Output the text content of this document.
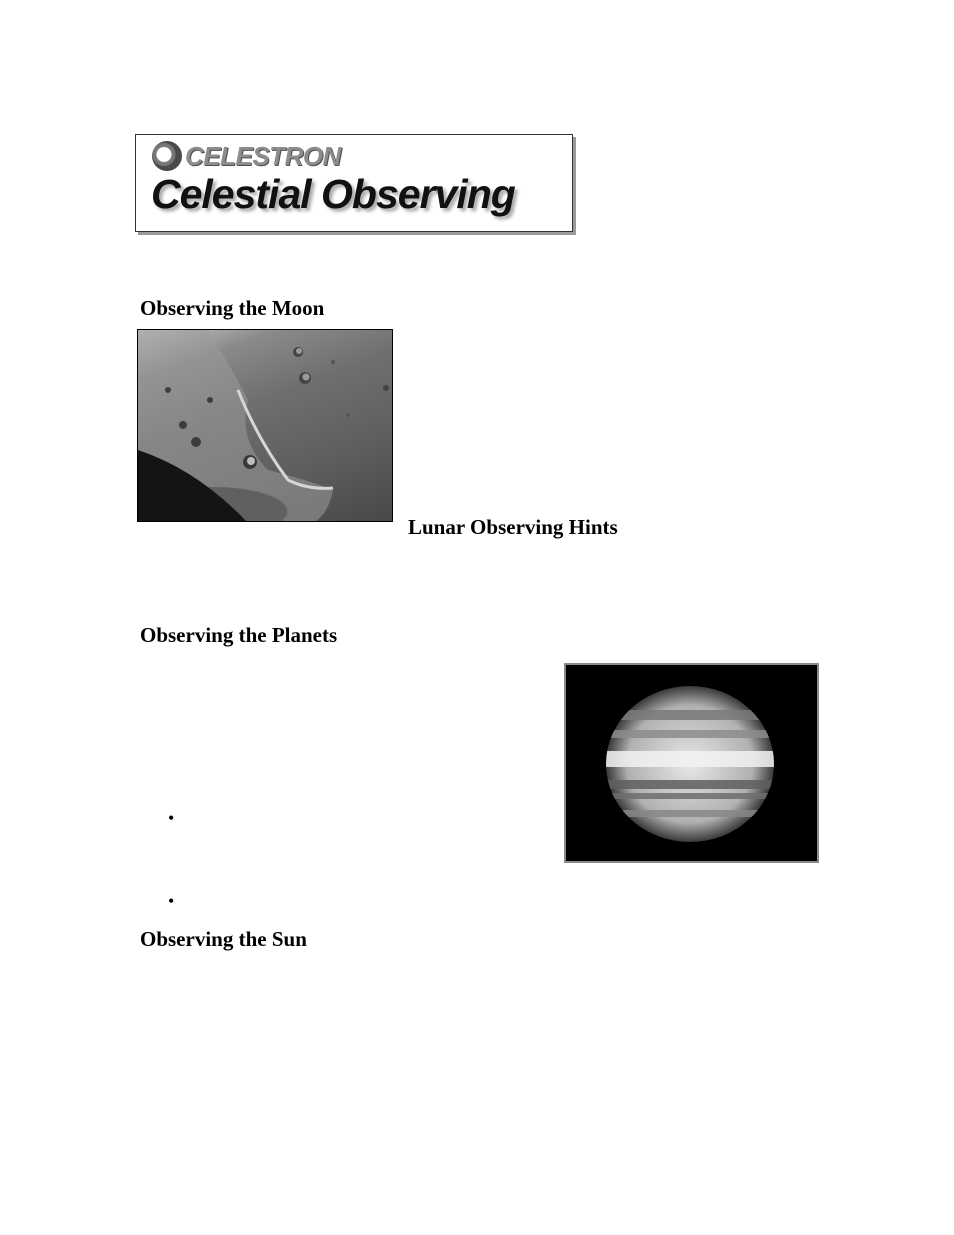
CELESTRON
Celestial Observing
Observing the Moon
Lunar Observing Hints
Observing the Planets
•
•
Observing the Sun
